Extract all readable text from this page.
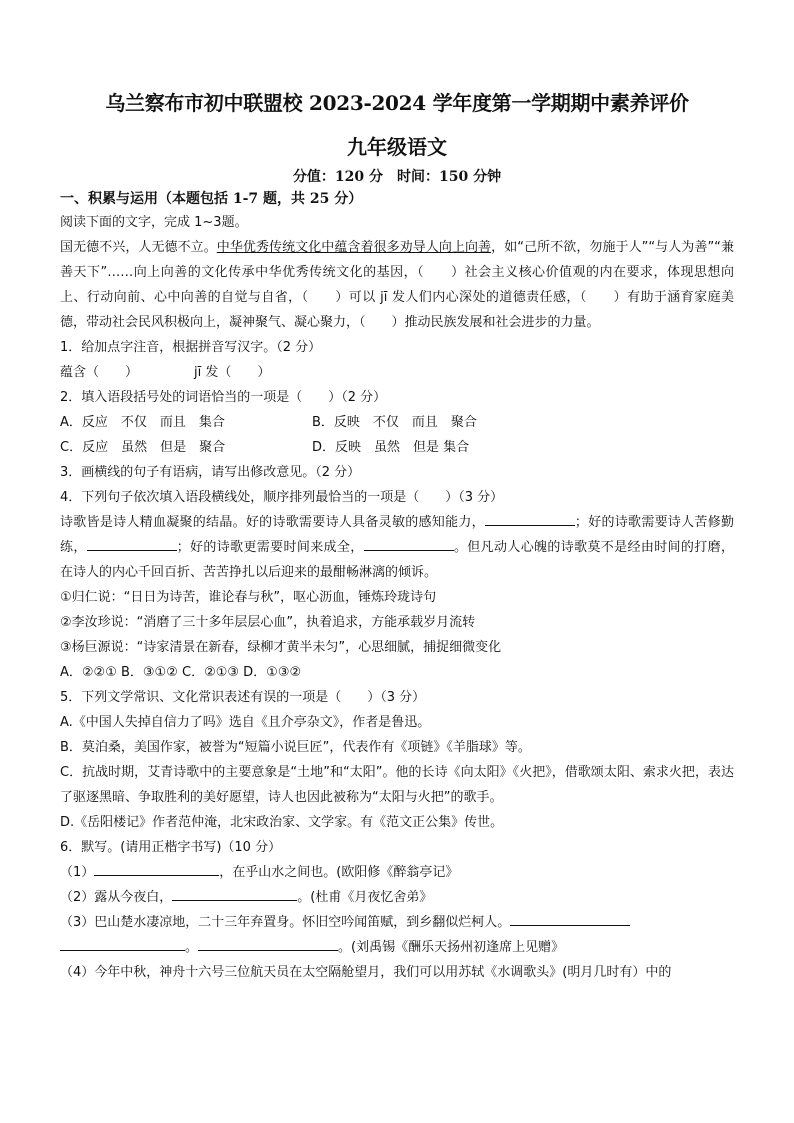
乌兰察布市初中联盟校 2023-2024 学年度第一学期期中素养评价
九年级语文
分值：120 分　时间：150 分钟
一、积累与运用（本题包括 1-7 题，共 25 分）
阅读下面的文字，完成 1~3题。
国无德不兴，人无德不立。中华优秀传统文化中蕴含着很多劝导人向上向善，如“己所不欲，勿施于人”“与人为善”“兼善天下”……向上向善的文化传承中华优秀传统文化的基因，（　　）社会主义核心价值观的内在要求，体现思想向上、行动向前、心中向善的自觉与自省，（　　）可以 jī 发人们内心深处的道德责任感，（　　）有助于涵育家庭美德，带动社会民风积极向上，凝神聚气、凝心聚力，（　　）推动民族发展和社会进步的力量。
1．给加点字注音，根据拼音写汉字。（2 分）
蕴含（　　）	jī 发（　　）
2．填入语段括号处的词语恰当的一项是（　　）（2 分）
A．反应　不仅　而且　集合	B．反映　不仅　而且　聚合
C．反应　虽然　但是　聚合	D．反映　虽然　但是 集合
3．画横线的句子有语病，请写出修改意见。（2 分）
4．下列句子依次填入语段横线处，顺序排列最恰当的一项是（　　）（3 分）
诗歌皆是诗人精血凝聚的结晶。好的诗歌需要诗人具备灵敏的感知能力，	；好的诗歌需要诗人苦修勤练，	；好的诗歌更需要时间来成全，	。但凡动人心魄的诗歌莫不是经由时间的打磨，在诗人的内心千回百折、苦苦挣扎以后迎来的最酣畅淋漓的倾诉。
①归仁说：“日日为诗苦，谁论春与秋”，呕心沥血，锤炼玲珑诗句
②李汝珍说：“消磨了三十多年层层心血”，执着追求，方能承载岁月流转
③杨巨源说：“诗家清景在新春，绿柳才黄半未匀”，心思细腻，捕捉细微变化
A．②②① B．③①② C．②①③ D．①③②
5．下列文学常识、文化常识表述有误的一项是（　　）（3 分）
A.《中国人失掉自信力了吗》选自《且介亭杂文》，作者是鲁迅。
B．莫泊桑，美国作家，被誉为“短篇小说巨匠”，代表作有《项链》《羊脂球》等。
C．抗战时期，艾青诗歌中的主要意象是“土地”和“太阳”。他的长诗《向太阳》《火把》，借歌颂太阳、索求火把，表达了驱逐黑暗、争取胜利的美好愿望，诗人也因此被称为“太阳与火把”的歌手。
D.《岳阳楼记》作者范仲淹，北宋政治家、文学家。有《范文正公集》传世。
6．默写。(请用正楷字书写)（10 分）
（1）	，在乎山水之间也。(欧阳修《醉翁亭记》
（2）露从今夜白，	。(杜甫《月夜忆舍弟》
（3）巴山楚水凄凉地，二十三年弃置身。怀旧空吟闻笛赋，到乡翻似烂柯人。
。	。(刘禹锡《酬乐天扬州初逢席上见赠》
（4）今年中秋，神舟十六号三位航天员在太空隔舱望月，我们可以用苏轼《水调歌头》(明月几时有）中的
